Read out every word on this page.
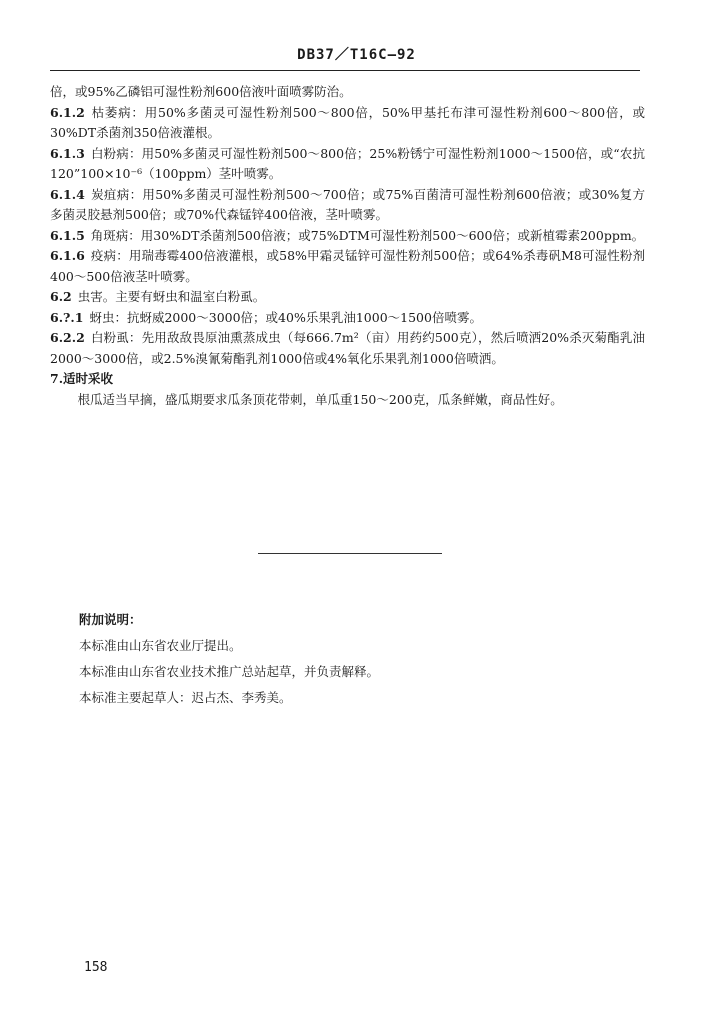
DB37／T16C—92

倍，或95%乙磷铝可湿性粉剂600倍液叶面喷雾防治。

6.1.2 枯萎病：用50%多菌灵可湿性粉剂500～800倍，50%甲基托布津可湿性粉剂600～800倍，或30%DT杀菌剂350倍液灌根。

6.1.3 白粉病：用50%多菌灵可湿性粉剂500～800倍；25%粉锈宁可湿性粉剂1000～1500倍，或“农抗120”100×10⁻⁶（100ppm）茎叶喷雾。

6.1.4 炭疽病：用50%多菌灵可湿性粉剂500～700倍；或75%百菌清可湿性粉剂600倍液；或30%复方多菌灵胶悬剂500倍；或70%代森锰锌400倍液，茎叶喷雾。

6.1.5 角斑病：用30%DT杀菌剂500倍液；或75%DTM可湿性粉剂500～600倍；或新植霉素200ppm。

6.1.6 疫病：用瑞毒霉400倍液灌根，或58%甲霜灵锰锌可湿性粉剂500倍；或64%杀毒矾M8可湿性粉剂400～500倍液茎叶喷雾。

6.2 虫害。主要有蚜虫和温室白粉虱。

6.?.1 蚜虫：抗蚜威2000～3000倍；或40%乐果乳油1000～1500倍喷雾。

6.2.2 白粉虱：先用敌敌畏原油熏蒸成虫（每666.7m²（亩）用药约500克），然后喷洒20%杀灭菊酯乳油2000～3000倍，或2.5%溴氰菊酯乳剂1000倍或4%氧化乐果乳剂1000倍喷洒。

7.适时采收

根瓜适当早摘，盛瓜期要求瓜条顶花带刺，单瓜重150～200克，瓜条鲜嫩，商品性好。

附加说明：

本标准由山东省农业厅提出。

本标准由山东省农业技术推广总站起草，并负责解释。

本标准主要起草人：迟占杰、李秀美。

158
